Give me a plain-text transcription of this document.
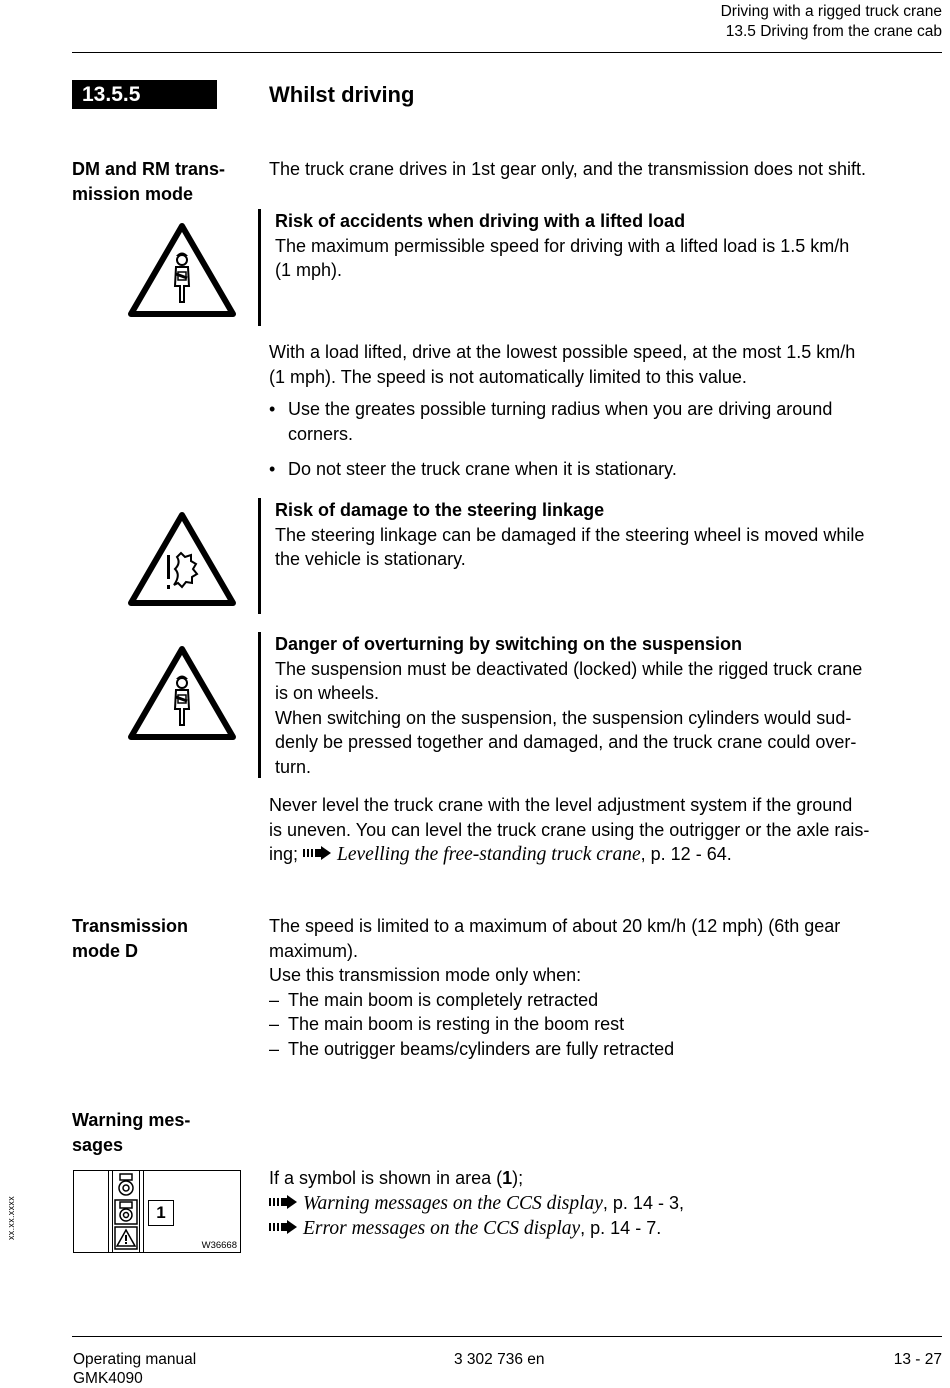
Driving with a rigged truck crane
13.5 Driving from the crane cab
13.5.5	Whilst driving
DM and RM trans-
mission mode
The truck crane drives in 1st gear only, and the transmission does not shift.
Risk of accidents when driving with a lifted load
The maximum permissible speed for driving with a lifted load is 1.5 km/h
(1 mph).

With a load lifted, drive at the lowest possible speed, at the most 1.5 km/h

(1 mph). The speed is not automatically limited to this value.

• Use the greates possible turning radius when you are driving around
corners.
• Do not steer the truck crane when it is stationary.
Risk of damage to the steering linkage
The steering linkage can be damaged if the steering wheel is moved while
the vehicle is stationary.
Danger of overturning by switching on the suspension
The suspension must be deactivated (locked) while the rigged truck crane
is on wheels.
When switching on the suspension, the suspension cylinders would sud-
denly be pressed together and damaged, and the truck crane could over-
turn.

Never level the truck crane with the level adjustment system if the ground

is uneven. You can level the truck crane using the outrigger or the axle rais-

ing; Levelling the free-standing truck crane, p. 12 - 64.

Transmission
mode D
The speed is limited to a maximum of about 20 km/h (12 mph) (6th gear
maximum).
Use this transmission mode only when:
– The main boom is completely retracted
– The main boom is resting in the boom rest
– The outrigger beams/cylinders are fully retracted
Warning mes-
sages
1
W36668
If a symbol is shown in area (1);
Warning messages on the CCS display, p. 14 - 3,
Error messages on the CCS display, p. 14 - 7.
xx.xx.xxxx
Operating manual
GMK4090
3 302 736 en	13 - 27
